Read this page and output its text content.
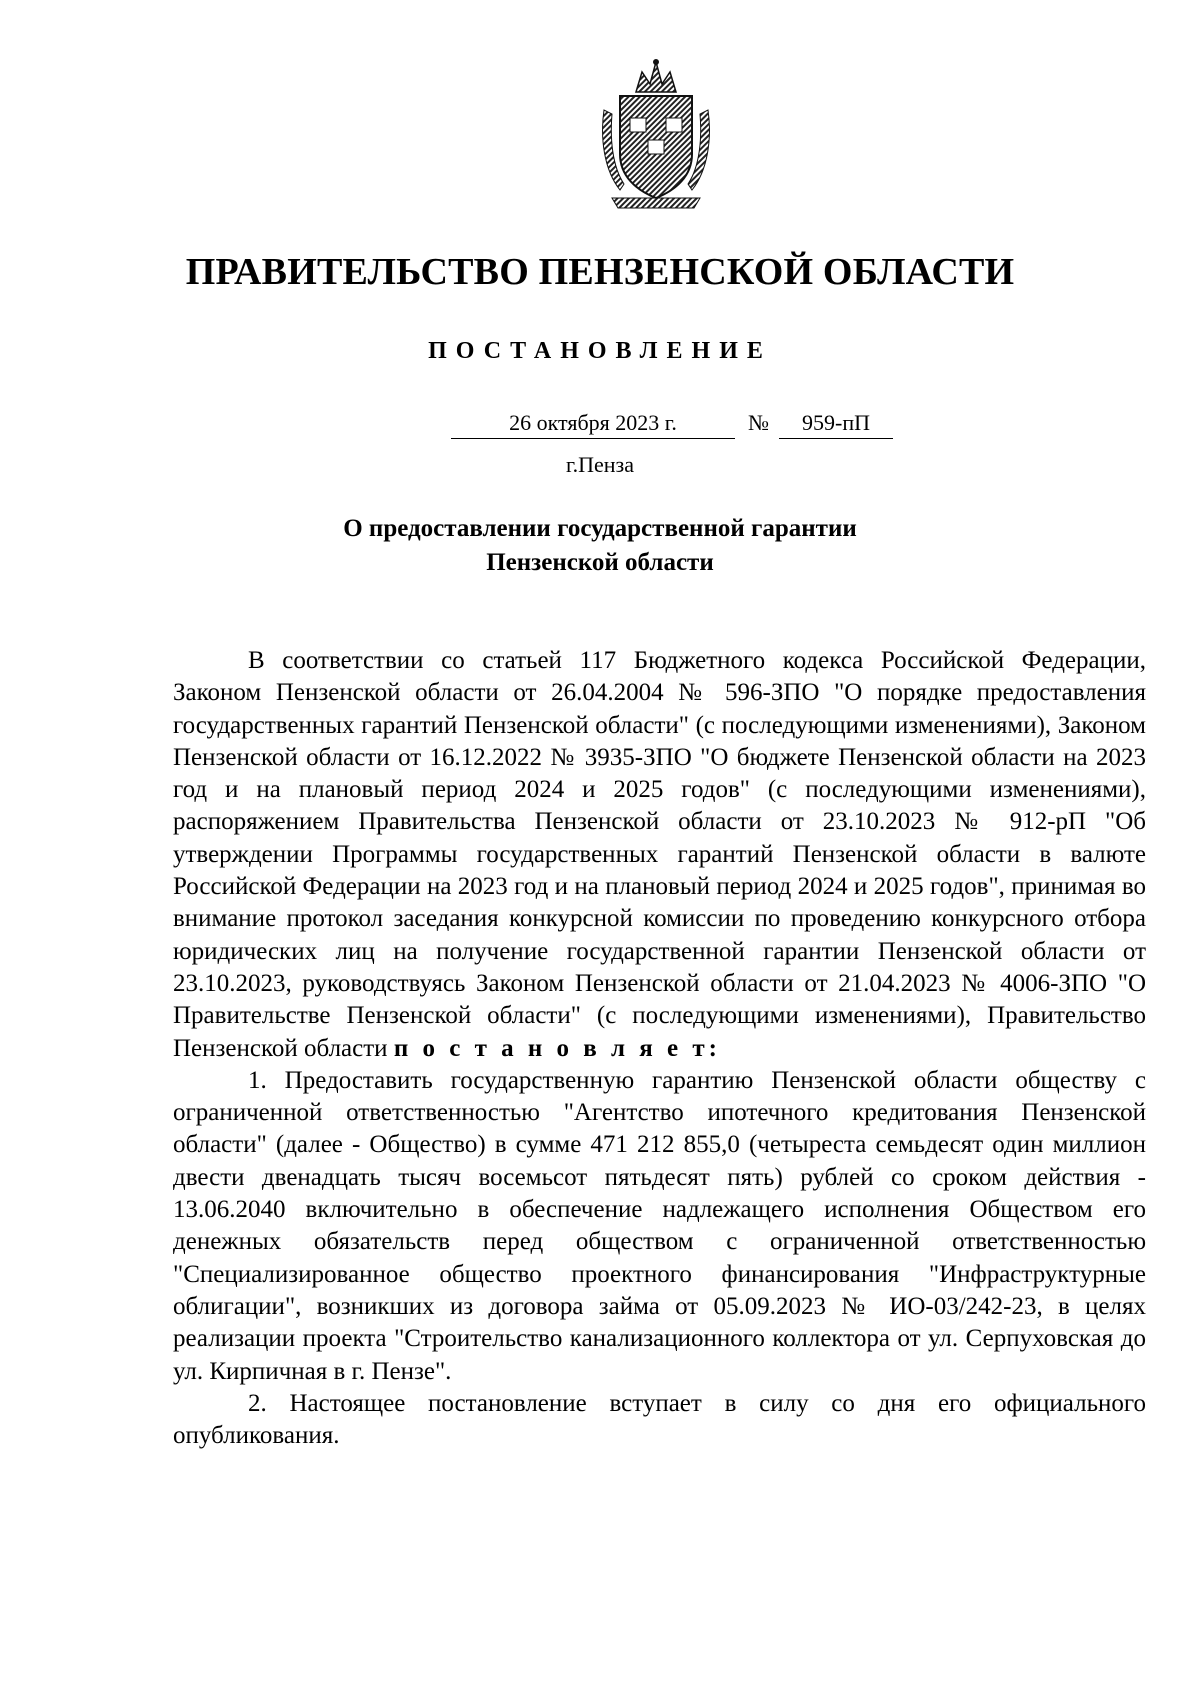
ПРАВИТЕЛЬСТВО ПЕНЗЕНСКОЙ ОБЛАСТИ
ПОСТАНОВЛЕНИЕ
26 октября 2023 г.	№	959-пП
г.Пенза
О предоставлении государственной гарантии
Пензенской области

В соответствии со статьей 117 Бюджетного кодекса Российской Федерации, Законом Пензенской области от 26.04.2004 № 596-ЗПО "О порядке предоставления государственных гарантий Пензенской области" (с последующими изменениями), Законом Пензенской области от 16.12.2022 № 3935-ЗПО "О бюджете Пензенской области на 2023 год и на плановый период 2024 и 2025 годов" (с последующими изменениями), распоряжением Правительства Пензенской области от 23.10.2023 № 912-рП "Об утверждении Программы государственных гарантий Пензенской области в валюте Российской Федерации на 2023 год и на плановый период 2024 и 2025 годов", принимая во внимание протокол заседания конкурсной комиссии по проведению конкурсного отбора юридических лиц на получение государственной гарантии Пензенской области от 23.10.2023, руководствуясь Законом Пензенской области от 21.04.2023 № 4006-ЗПО "О Правительстве Пензенской области" (с последующими изменениями), Правительство Пензенской области п о с т а н о в л я е т:

1. Предоставить государственную гарантию Пензенской области обществу с ограниченной ответственностью "Агентство ипотечного кредитования Пензенской области" (далее - Общество) в сумме 471 212 855,0 (четыреста семьдесят один миллион двести двенадцать тысяч восемьсот пятьдесят пять) рублей со сроком действия - 13.06.2040 включительно в обеспечение надлежащего исполнения Обществом его денежных обязательств перед обществом с ограниченной ответственностью "Специализированное общество проектного финансирования "Инфраструктурные облигации", возникших из договора займа от 05.09.2023 № ИО-03/242-23, в целях реализации проекта "Строительство канализационного коллектора от ул. Серпуховская до ул. Кирпичная в г. Пензе".

2. Настоящее постановление вступает в силу со дня его официального опубликования.
